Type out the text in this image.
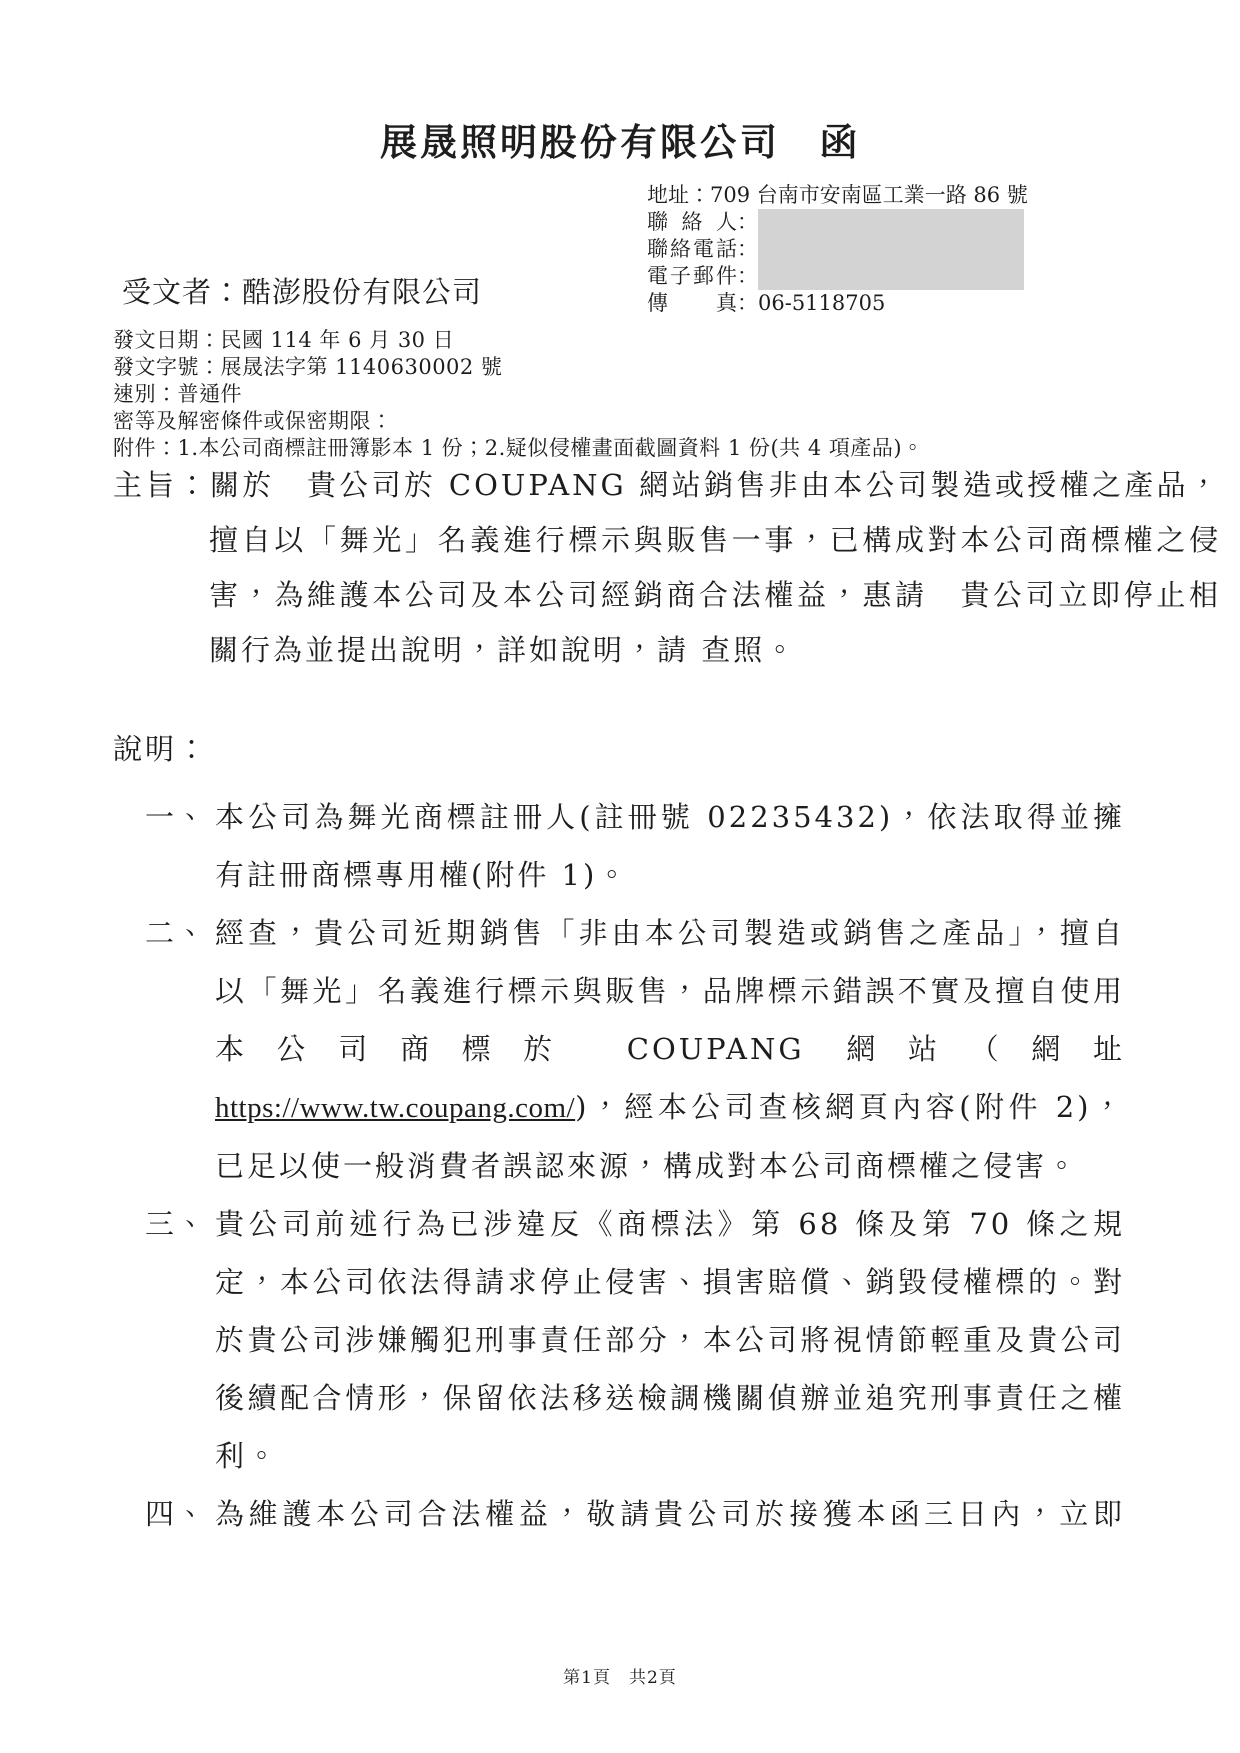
展晟照明股份有限公司　函
地址：709 台南市安南區工業一路 86 號
聯絡人：
聯絡電話：
電子郵件：
傳真：06-5118705
受文者：酷澎股份有限公司
發文日期：民國 114 年 6 月 30 日
發文字號：展晟法字第 1140630002 號
速別：普通件
密等及解密條件或保密期限：
附件：1.本公司商標註冊簿影本 1 份；2.疑似侵權畫面截圖資料 1 份(共 4 項產品)。
主旨：關於　貴公司於 COUPANG 網站銷售非由本公司製造或授權之產品，擅自以「舞光」名義進行標示與販售一事，已構成對本公司商標權之侵害，為維護本公司及本公司經銷商合法權益，惠請　貴公司立即停止相關行為並提出說明，詳如說明，請 查照。
說明：
一、 本公司為舞光商標註冊人(註冊號 02235432)，依法取得並擁有註冊商標專用權(附件 1)。
二、 經查，貴公司近期銷售「非由本公司製造或銷售之產品」，擅自以「舞光」名義進行標示與販售，品牌標示錯誤不實及擅自使用本公司商標於 COUPANG 網站（網址 https://www.tw.coupang.com/)，經本公司查核網頁內容(附件 2)，已足以使一般消費者誤認來源，構成對本公司商標權之侵害。
三、 貴公司前述行為已涉違反《商標法》第 68 條及第 70 條之規定，本公司依法得請求停止侵害、損害賠償、銷毀侵權標的。對於貴公司涉嫌觸犯刑事責任部分，本公司將視情節輕重及貴公司後續配合情形，保留依法移送檢調機關偵辦並追究刑事責任之權利。
四、 為維護本公司合法權益，敬請貴公司於接獲本函三日內，立即
第1頁　共2頁
